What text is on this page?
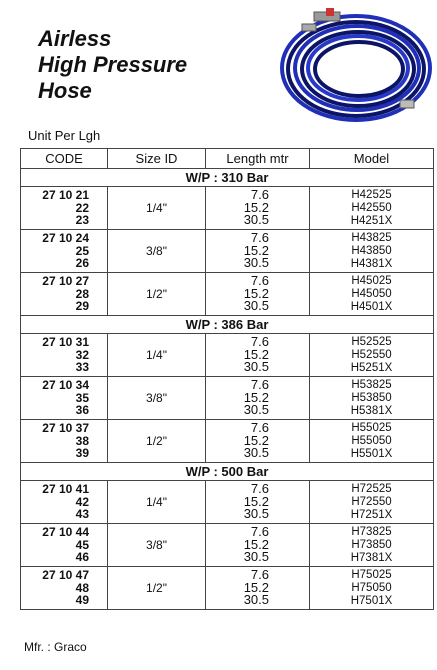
Airless
High Pressure
Hose
Unit Per Lgh
CODE	Size ID	Length mtr	Model
W/P : 310 Bar			

27 10 21
22
23	1/4"	7.6
15.2
30.5	H42525
H42550
H4251X

27 10 24
25
26	3/8"	7.6
15.2
30.5	H43825
H43850
H4381X

27 10 27
28
29	1/2"	7.6
15.2
30.5	H45025
H45050
H4501X

W/P : 386 Bar			

27 10 31
32
33	1/4"	7.6
15.2
30.5	H52525
H52550
H5251X

27 10 34
35
36	3/8"	7.6
15.2
30.5	H53825
H53850
H5381X

27 10 37
38
39	1/2"	7.6
15.2
30.5	H55025
H55050
H5501X

W/P : 500 Bar			

27 10 41
42
43	1/4"	7.6
15.2
30.5	H72525
H72550
H7251X

27 10 44
45
46	3/8"	7.6
15.2
30.5	H73825
H73850
H7381X

27 10 47
48
49	1/2"	7.6
15.2
30.5	H75025
H75050
H7501X
Mfr. : Graco
